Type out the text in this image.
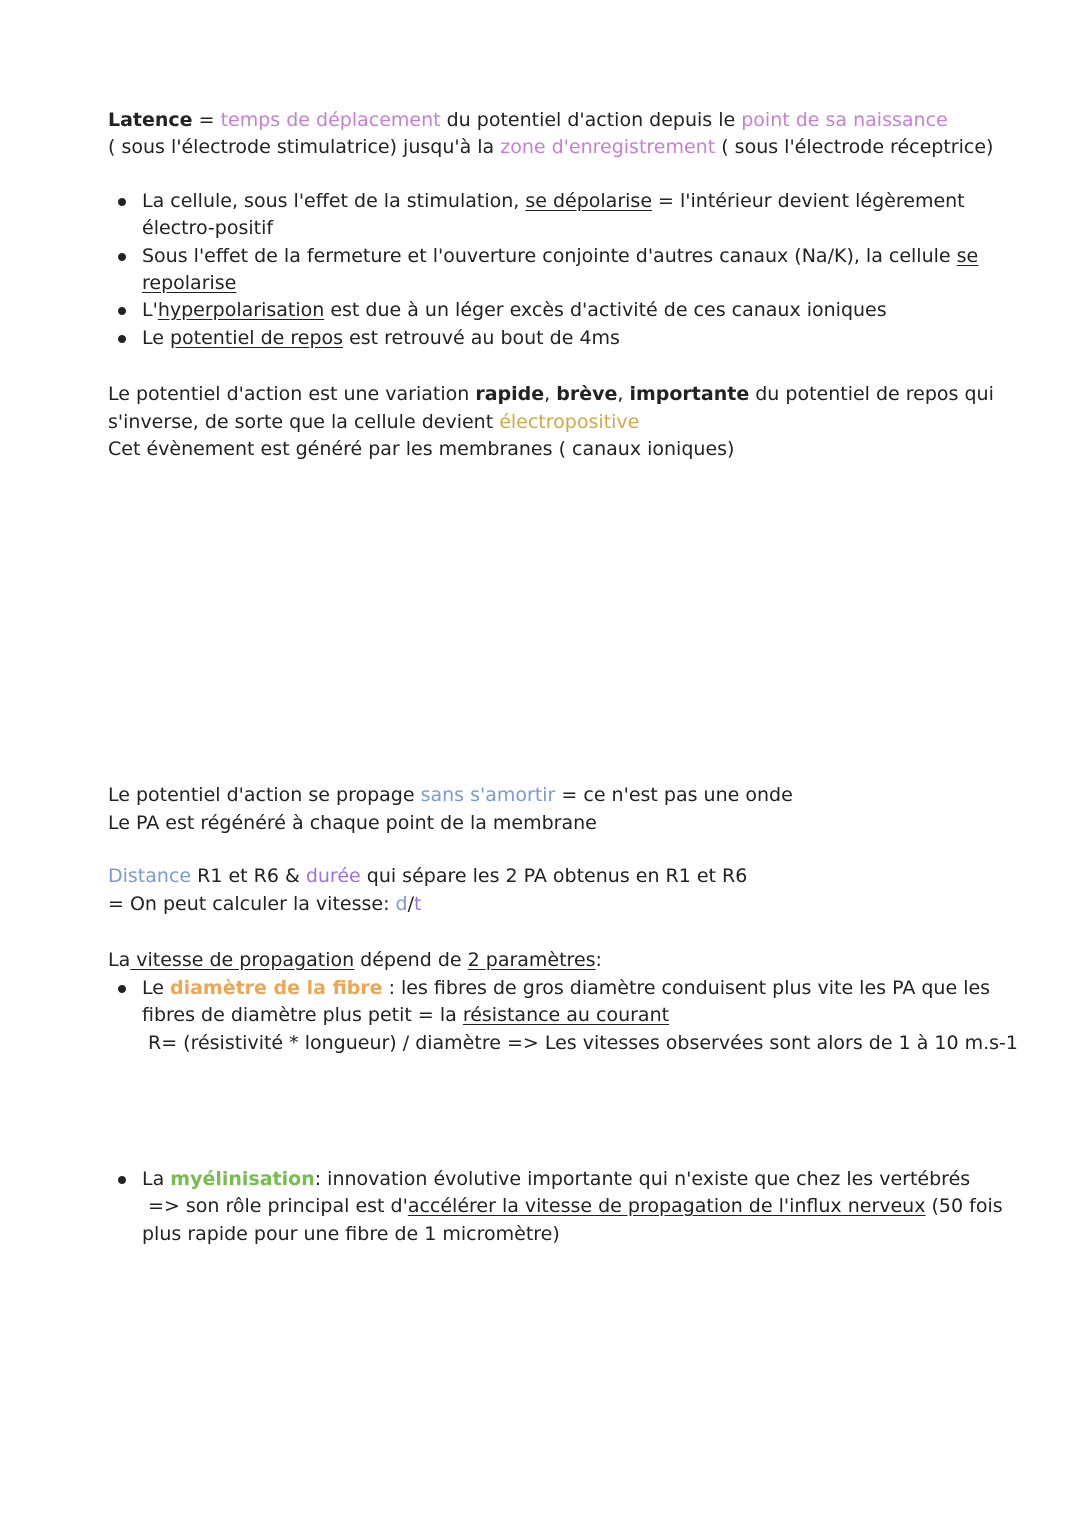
Latence = temps de déplacement du potentiel d'action depuis le point de sa naissance
( sous l'électrode stimulatrice) jusqu'à la zone d'enregistrement ( sous l'électrode réceptrice)
La cellule, sous l'effet de la stimulation, se dépolarise = l'intérieur devient légèrement
électro-positif
Sous l'effet de la fermeture et l'ouverture conjointe d'autres canaux (Na/K), la cellule se
repolarise
L'hyperpolarisation est due à un léger excès d'activité de ces canaux ioniques
Le potentiel de repos est retrouvé au bout de 4ms
Le potentiel d'action est une variation rapide, brève, importante du potentiel de repos qui
s'inverse, de sorte que la cellule devient électropositive
Cet évènement est généré par les membranes ( canaux ioniques)
Le potentiel d'action se propage sans s'amortir = ce n'est pas une onde
Le PA est régénéré à chaque point de la membrane
Distance R1 et R6 & durée qui sépare les 2 PA obtenus en R1 et R6
= On peut calculer la vitesse: d/t
La vitesse de propagation dépend de 2 paramètres:
Le diamètre de la fibre : les fibres de gros diamètre conduisent plus vite les PA que les
fibres de diamètre plus petit = la résistance au courant
R= (résistivité * longueur) / diamètre => Les vitesses observées sont alors de 1 à 10 m.s-1
La myélinisation: innovation évolutive importante qui n'existe que chez les vertébrés
=> son rôle principal est d'accélérer la vitesse de propagation de l'influx nerveux (50 fois
plus rapide pour une fibre de 1 micromètre)
